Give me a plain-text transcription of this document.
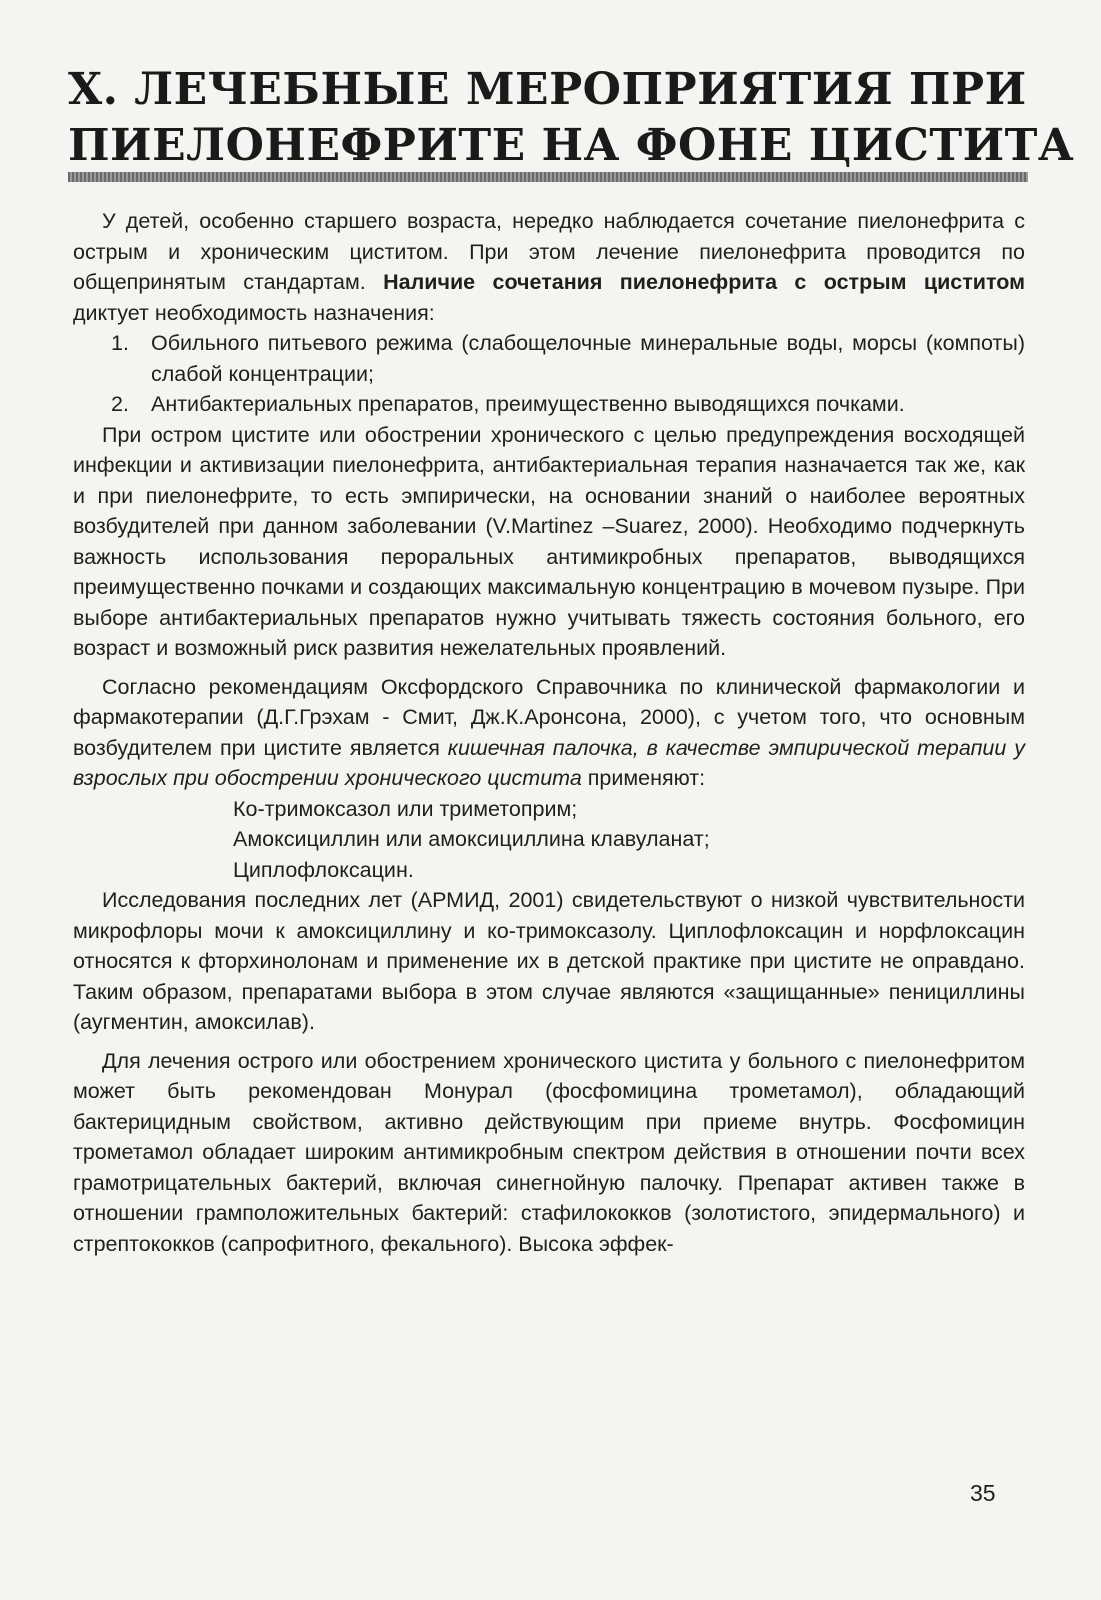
X. ЛЕЧЕБНЫЕ МЕРОПРИЯТИЯ ПРИ
ПИЕЛОНЕФРИТЕ НА ФОНЕ ЦИСТИТА

У детей, особенно старшего возраста, нередко наблюдается сочетание пиелонефрита с острым и хроническим циститом. При этом лечение пиелонефрита проводится по общепринятым стандартам. Наличие сочетания пиелонефрита с острым циститом диктует необходимость назначения:

1. Обильного питьевого режима (слабощелочные минеральные воды, морсы (компоты) слабой концентрации;
2. Антибактериальных препаратов, преимущественно выводящихся почками.

При остром цистите или обострении хронического с целью предупреждения восходящей инфекции и активизации пиелонефрита, антибактериальная терапия назначается так же, как и при пиелонефрите, то есть эмпирически, на основании знаний о наиболее вероятных возбудителей при данном заболевании (V.Martinez –Suarez, 2000). Необходимо подчеркнуть важность использования пероральных антимикробных препаратов, выводящихся преимущественно почками и создающих максимальную концентрацию в мочевом пузыре. При выборе антибактериальных препаратов нужно учитывать тяжесть состояния больного, его возраст и возможный риск развития нежелательных проявлений.

Согласно рекомендациям Оксфордского Справочника по клинической фармакологии и фармакотерапии (Д.Г.Грэхам - Смит, Дж.К.Аронсона, 2000), с учетом того, что основным возбудителем при цистите является кишечная палочка, в качестве эмпирической терапии у взрослых при обострении хронического цистита применяют:

Ко-тримоксазол или триметоприм;
Амоксициллин или амоксициллина клавуланат;
Циплофлоксацин.

Исследования последних лет (АРМИД, 2001) свидетельствуют о низкой чувствительности микрофлоры мочи к амоксициллину и ко-тримоксазолу. Циплофлоксацин и норфлоксацин относятся к фторхинолонам и применение их в детской практике при цистите не оправдано. Таким образом, препаратами выбора в этом случае являются «защищанные» пенициллины (аугментин, амоксилав).

Для лечения острого или обострением хронического цистита у больного с пиелонефритом может быть рекомендован Монурал (фосфомицина трометамол), обладающий бактерицидным свойством, активно действующим при приеме внутрь. Фосфомицин трометамол обладает широким антимикробным спектром действия в отношении почти всех грамотрицательных бактерий, включая синегнойную палочку. Препарат активен также в отношении грамположительных бактерий: стафилококков (золотистого, эпидермального) и стрептококков (сапрофитного, фекального). Высока эффек-

35
